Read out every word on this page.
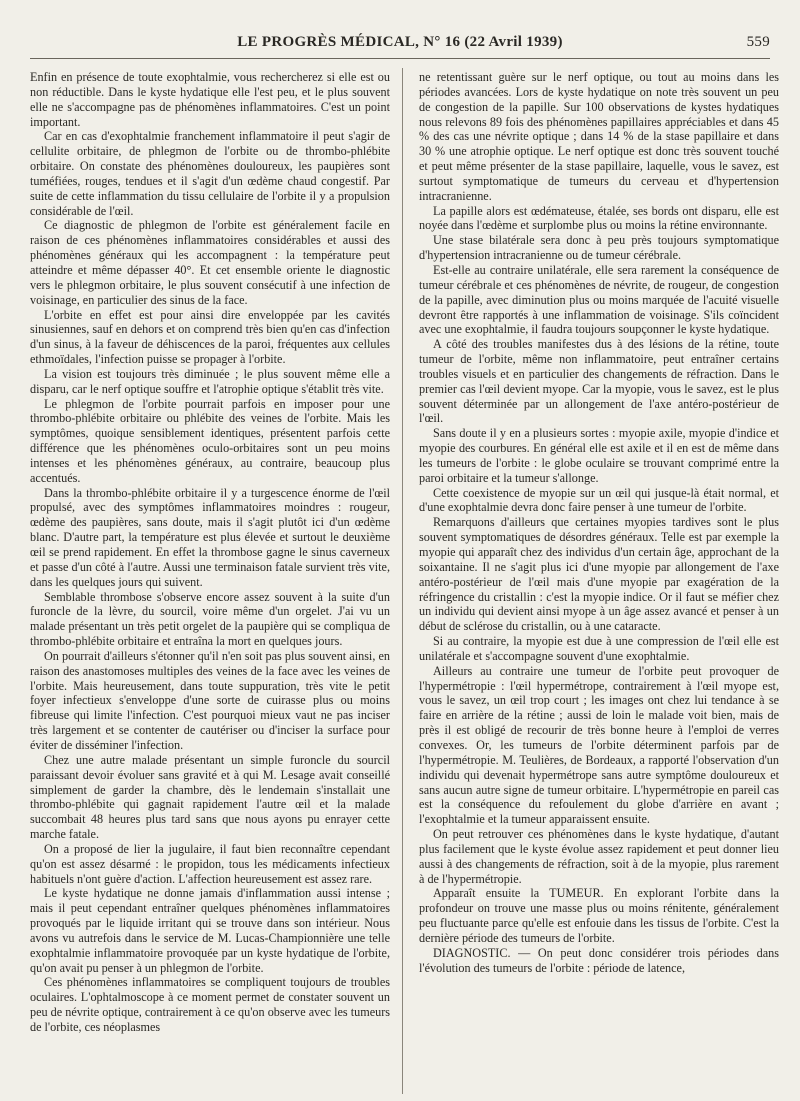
LE PROGRÈS MÉDICAL, N° 16 (22 Avril 1939)	559

Enfin en présence de toute exophtalmie, vous rechercherez si elle est ou non réductible. Dans le kyste hydatique elle l'est peu, et le plus souvent elle ne s'accompagne pas de phénomènes inflammatoires. C'est un point important.

Car en cas d'exophtalmie franchement inflammatoire il peut s'agir de cellulite orbitaire, de phlegmon de l'orbite ou de thrombo-phlébite orbitaire. On constate des phénomènes douloureux, les paupières sont tuméfiées, rouges, tendues et il s'agit d'un œdème chaud congestif. Par suite de cette inflammation du tissu cellulaire de l'orbite il y a propulsion considérable de l'œil.

Ce diagnostic de phlegmon de l'orbite est généralement facile en raison de ces phénomènes inflammatoires considérables et aussi des phénomènes généraux qui les accompagnent : la température peut atteindre et même dépasser 40°. Et cet ensemble oriente le diagnostic vers le phlegmon orbitaire, le plus souvent consécutif à une infection de voisinage, en particulier des sinus de la face.

L'orbite en effet est pour ainsi dire enveloppée par les cavités sinusiennes, sauf en dehors et on comprend très bien qu'en cas d'infection d'un sinus, à la faveur de déhiscences de la paroi, fréquentes aux cellules ethmoïdales, l'infection puisse se propager à l'orbite.

La vision est toujours très diminuée ; le plus souvent même elle a disparu, car le nerf optique souffre et l'atrophie optique s'établit très vite.

Le phlegmon de l'orbite pourrait parfois en imposer pour une thrombo-phlébite orbitaire ou phlébite des veines de l'orbite. Mais les symptômes, quoique sensiblement identiques, présentent parfois cette différence que les phénomènes oculo-orbitaires sont un peu moins intenses et les phénomènes généraux, au contraire, beaucoup plus accentués.

Dans la thrombo-phlébite orbitaire il y a turgescence énorme de l'œil propulsé, avec des symptômes inflammatoires moindres : rougeur, œdème des paupières, sans doute, mais il s'agit plutôt ici d'un œdème blanc. D'autre part, la température est plus élevée et surtout le deuxième œil se prend rapidement. En effet la thrombose gagne le sinus caverneux et passe d'un côté à l'autre. Aussi une terminaison fatale survient très vite, dans les quelques jours qui suivent.

Semblable thrombose s'observe encore assez souvent à la suite d'un furoncle de la lèvre, du sourcil, voire même d'un orgelet. J'ai vu un malade présentant un très petit orgelet de la paupière qui se compliqua de thrombo-phlébite orbitaire et entraîna la mort en quelques jours.

On pourrait d'ailleurs s'étonner qu'il n'en soit pas plus souvent ainsi, en raison des anastomoses multiples des veines de la face avec les veines de l'orbite. Mais heureusement, dans toute suppuration, très vite le petit foyer infectieux s'enveloppe d'une sorte de cuirasse plus ou moins fibreuse qui limite l'infection. C'est pourquoi mieux vaut ne pas inciser très largement et se contenter de cautériser ou d'inciser la surface pour éviter de disséminer l'infection.

Chez une autre malade présentant un simple furoncle du sourcil paraissant devoir évoluer sans gravité et à qui M. Lesage avait conseillé simplement de garder la chambre, dès le lendemain s'installait une thrombo-phlébite qui gagnait rapidement l'autre œil et la malade succombait 48 heures plus tard sans que nous ayons pu enrayer cette marche fatale.

On a proposé de lier la jugulaire, il faut bien reconnaître cependant qu'on est assez désarmé : le propidon, tous les médicaments infectieux habituels n'ont guère d'action. L'affection heureusement est assez rare.

Le kyste hydatique ne donne jamais d'inflammation aussi intense ; mais il peut cependant entraîner quelques phénomènes inflammatoires provoqués par le liquide irritant qui se trouve dans son intérieur. Nous avons vu autrefois dans le service de M. Lucas-Championnière une telle exophtalmie inflammatoire provoquée par un kyste hydatique de l'orbite, qu'on avait pu penser à un phlegmon de l'orbite.

Ces phénomènes inflammatoires se compliquent toujours de troubles oculaires. L'ophtalmoscope à ce moment permet de constater souvent un peu de névrite optique, contrairement à ce qu'on observe avec les tumeurs de l'orbite, ces néoplasmes

ne retentissant guère sur le nerf optique, ou tout au moins dans les périodes avancées. Lors de kyste hydatique on note très souvent un peu de congestion de la papille. Sur 100 observations de kystes hydatiques nous relevons 89 fois des phénomènes papillaires appréciables et dans 45 % des cas une névrite optique ; dans 14 % de la stase papillaire et dans 30 % une atrophie optique. Le nerf optique est donc très souvent touché et peut même présenter de la stase papillaire, laquelle, vous le savez, est surtout symptomatique de tumeurs du cerveau et d'hypertension intracranienne.

La papille alors est œdémateuse, étalée, ses bords ont disparu, elle est noyée dans l'œdème et surplombe plus ou moins la rétine environnante.

Une stase bilatérale sera donc à peu près toujours symptomatique d'hypertension intracranienne ou de tumeur cérébrale.

Est-elle au contraire unilatérale, elle sera rarement la conséquence de tumeur cérébrale et ces phénomènes de névrite, de rougeur, de congestion de la papille, avec diminution plus ou moins marquée de l'acuité visuelle devront être rapportés à une inflammation de voisinage. S'ils coïncident avec une exophtalmie, il faudra toujours soupçonner le kyste hydatique.

A côté des troubles manifestes dus à des lésions de la rétine, toute tumeur de l'orbite, même non inflammatoire, peut entraîner certains troubles visuels et en particulier des changements de réfraction. Dans le premier cas l'œil devient myope. Car la myopie, vous le savez, est le plus souvent déterminée par un allongement de l'axe antéro-postérieur de l'œil.

Sans doute il y en a plusieurs sortes : myopie axile, myopie d'indice et myopie des courbures. En général elle est axile et il en est de même dans les tumeurs de l'orbite : le globe oculaire se trouvant comprimé entre la paroi orbitaire et la tumeur s'allonge.

Cette coexistence de myopie sur un œil qui jusque-là était normal, et d'une exophtalmie devra donc faire penser à une tumeur de l'orbite.

Remarquons d'ailleurs que certaines myopies tardives sont le plus souvent symptomatiques de désordres généraux. Telle est par exemple la myopie qui apparaît chez des individus d'un certain âge, approchant de la soixantaine. Il ne s'agit plus ici d'une myopie par allongement de l'axe antéro-postérieur de l'œil mais d'une myopie par exagération de la réfringence du cristallin : c'est la myopie indice. Or il faut se méfier chez un individu qui devient ainsi myope à un âge assez avancé et penser à un début de sclérose du cristallin, ou à une cataracte.

Si au contraire, la myopie est due à une compression de l'œil elle est unilatérale et s'accompagne souvent d'une exophtalmie.

Ailleurs au contraire une tumeur de l'orbite peut provoquer de l'hypermétropie : l'œil hypermétrope, contrairement à l'œil myope est, vous le savez, un œil trop court ; les images ont chez lui tendance à se faire en arrière de la rétine ; aussi de loin le malade voit bien, mais de près il est obligé de recourir de très bonne heure à l'emploi de verres convexes. Or, les tumeurs de l'orbite déterminent parfois par de l'hypermétropie. M. Teulières, de Bordeaux, a rapporté l'observation d'un individu qui devenait hypermétrope sans autre symptôme douloureux et sans aucun autre signe de tumeur orbitaire. L'hypermétropie en pareil cas est la conséquence du refoulement du globe d'arrière en avant ; l'exophtalmie et la tumeur apparaissent ensuite.

On peut retrouver ces phénomènes dans le kyste hydatique, d'autant plus facilement que le kyste évolue assez rapidement et peut donner lieu aussi à des changements de réfraction, soit à de la myopie, plus rarement à de l'hypermétropie.

Apparaît ensuite la TUMEUR. En explorant l'orbite dans la profondeur on trouve une masse plus ou moins rénitente, généralement peu fluctuante parce qu'elle est enfouie dans les tissus de l'orbite. C'est la dernière période des tumeurs de l'orbite.

DIAGNOSTIC. — On peut donc considérer trois périodes dans l'évolution des tumeurs de l'orbite : période de latence,
